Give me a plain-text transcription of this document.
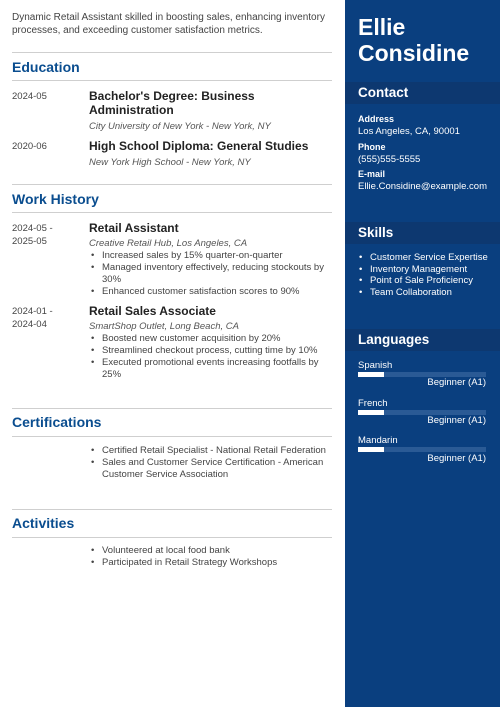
Dynamic Retail Assistant skilled in boosting sales, enhancing inventory processes, and exceeding customer satisfaction metrics.
Education
2024-05	Bachelor's Degree: Business Administration
City University of New York - New York, NY
2020-06	High School Diploma: General Studies
New York High School - New York, NY
Work History
2024-05 -
2025-05
Retail Assistant
Creative Retail Hub, Los Angeles, CA
• Increased sales by 15% quarter-on-quarter
• Managed inventory effectively, reducing stockouts by 30%
• Enhanced customer satisfaction scores to 90%
2024-01 -
2024-04
Retail Sales Associate
SmartShop Outlet, Long Beach, CA
• Boosted new customer acquisition by 20%
• Streamlined checkout process, cutting time by 10%
• Executed promotional events increasing footfalls by 25%
Certifications
• Certified Retail Specialist - National Retail Federation
• Sales and Customer Service Certification - American Customer Service Association
Activities
• Volunteered at local food bank
• Participated in Retail Strategy Workshops
Ellie
Considine
Contact
Address
Los Angeles, CA, 90001
Phone
(555)555-5555
E-mail
Ellie.Considine@example.com
Skills
• Customer Service Expertise
• Inventory Management
• Point of Sale Proficiency
• Team Collaboration
Languages
Spanish
Beginner (A1)
French
Beginner (A1)
Mandarin
Beginner (A1)
